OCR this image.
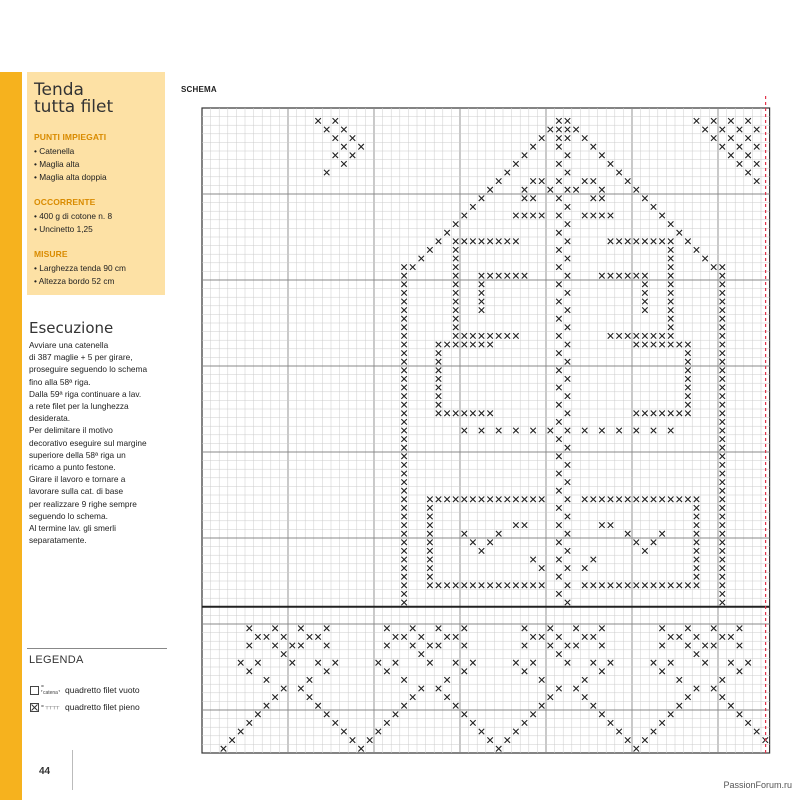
Tenda
tutta filet
PUNTI IMPIEGATI
• Catenella
• Maglia alta
• Maglia alta doppia
OCCORRENTE
• 400 g di cotone n. 8
• Uncinetto 1,25
MISURE
• Larghezza tenda 90 cm
• Altezza bordo 52 cm
Esecuzione

Avviare una catenella

di 387 maglie + 5 per girare,

proseguire seguendo lo schema

fino alla 58ª riga.

Dalla 59ª riga continuare a lav.

a rete filet per la lunghezza

desiderata.

Per delimitare il motivo

decorativo eseguire sul margine

superiore della 58ª riga un

ricamo a punto festone.

Girare il lavoro e tornare a

lavorare sulla cat. di base

per realizzare 9 righe sempre

seguendo lo schema.

Al termine lav. gli smerli

separatamente.

LEGENDA
= ⸢catena⸣ quadretto filet vuoto
= ┬┬┬┬ quadretto filet pieno
44
SCHEMA
PassionForum.ru
